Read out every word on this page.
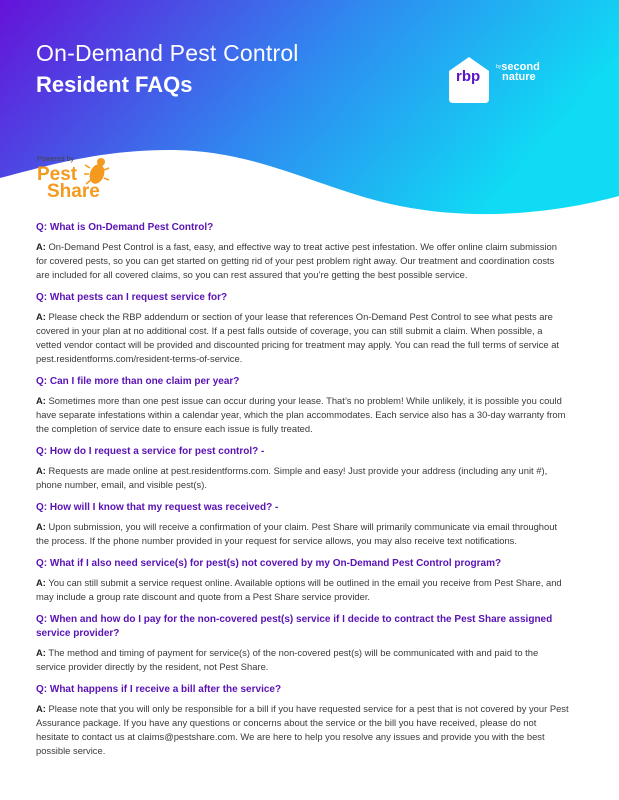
On-Demand Pest Control
Resident FAQs	rbp
$^{by}$second
nature
Powered by
Pest
Share

Q: What is On-Demand Pest Control?

A: On-Demand Pest Control is a fast, easy, and effective way to treat active pest infestation. We offer online claim submission for covered pests, so you can get started on getting rid of your pest problem right away. Our treatment and coordination costs are included for all covered claims, so you can rest assured that you’re getting the best possible service.

Q: What pests can I request service for?

A: Please check the RBP addendum or section of your lease that references On-Demand Pest Control to see what pests are covered in your plan at no additional cost. If a pest falls outside of coverage, you can still submit a claim. When possible, a vetted vendor contact will be provided and discounted pricing for treatment may apply. You can read the full terms of service at pest.residentforms.com/resident-terms-of-service.

Q: Can I file more than one claim per year?

A: Sometimes more than one pest issue can occur during your lease. That’s no problem! While unlikely, it is possible you could have separate infestations within a calendar year, which the plan accommodates. Each service also has a 30-day warranty from the completion of service date to ensure each issue is fully treated.

Q: How do I request a service for pest control? -

A: Requests are made online at pest.residentforms.com. Simple and easy! Just provide your address (including any unit #), phone number, email, and visible pest(s).

Q: How will I know that my request was received? -

A: Upon submission, you will receive a confirmation of your claim. Pest Share will primarily communicate via email throughout the process. If the phone number provided in your request for service allows, you may also receive text notifications.

Q: What if I also need service(s) for pest(s) not covered by my On-Demand Pest Control program?

A: You can still submit a service request online. Available options will be outlined in the email you receive from Pest Share, and may include a group rate discount and quote from a Pest Share service provider.

Q: When and how do I pay for the non-covered pest(s) service if I decide to contract the Pest Share assigned service provider?

A: The method and timing of payment for service(s) of the non-covered pest(s) will be communicated with and paid to the service provider directly by the resident, not Pest Share.

Q: What happens if I receive a bill after the service?

A: Please note that you will only be responsible for a bill if you have requested service for a pest that is not covered by your Pest Assurance package. If you have any questions or concerns about the service or the bill you have received, please do not hesitate to contact us at claims@pestshare.com. We are here to help you resolve any issues and provide you with the best possible service.
